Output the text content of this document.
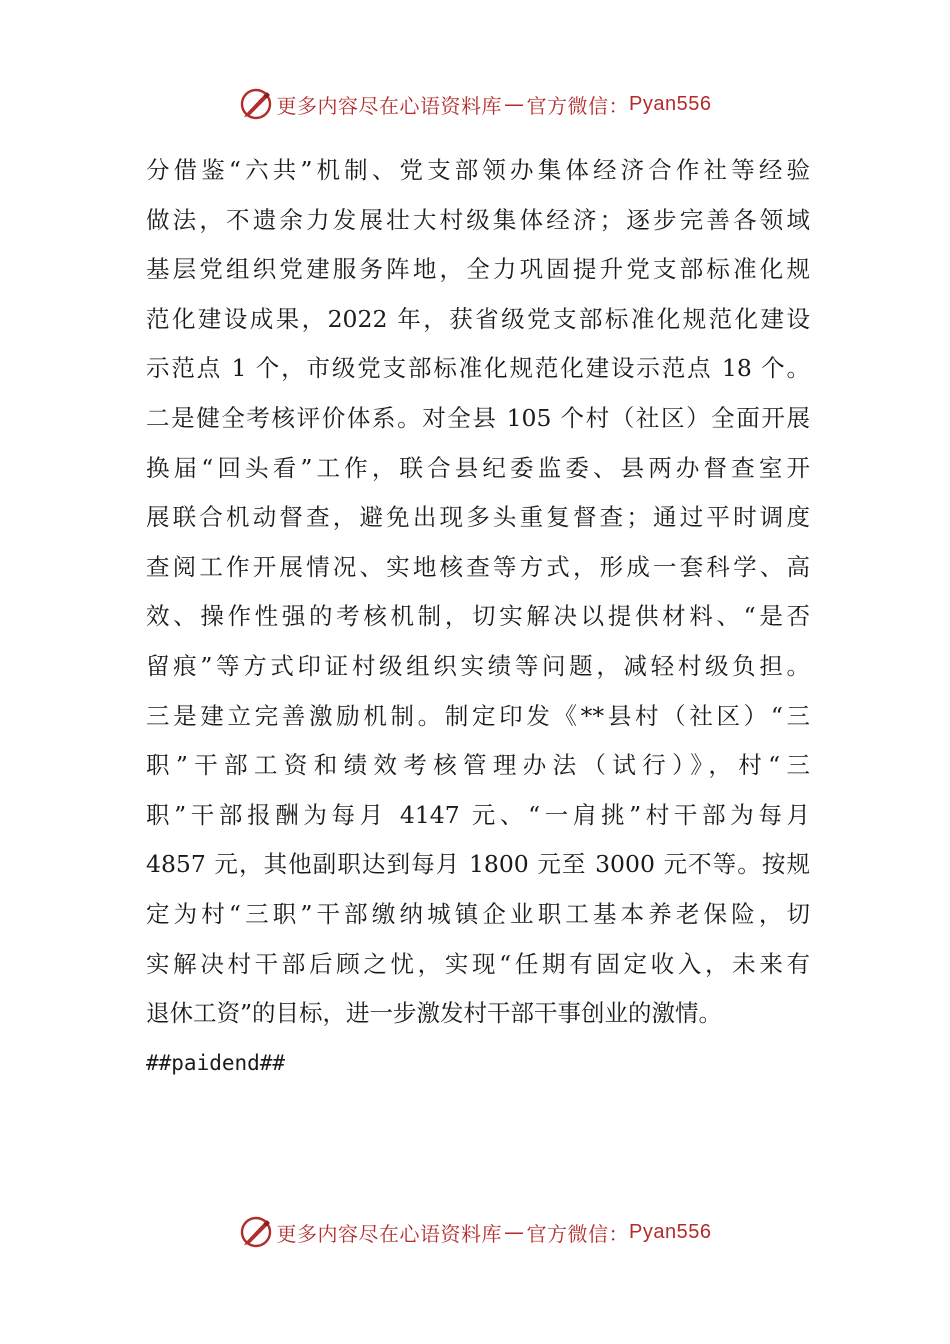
更多内容尽在心语资料库 — 官方微信： Pyan556
分借鉴“六共”机制、党支部领办集体经济合作社等经验
做法，不遗余力发展壮大村级集体经济；逐步完善各领域
基层党组织党建服务阵地，全力巩固提升党支部标准化规
范化建设成果，2022 年，获省级党支部标准化规范化建设
示范点 1 个，市级党支部标准化规范化建设示范点 18 个。
二是健全考核评价体系。对全县 105 个村（社区）全面开展
换届“回头看”工作，联合县纪委监委、县两办督查室开
展联合机动督查，避免出现多头重复督查；通过平时调度
查阅工作开展情况、实地核查等方式，形成一套科学、高
效、操作性强的考核机制，切实解决以提供材料、“是否
留痕”等方式印证村级组织实绩等问题，减轻村级负担。
三是建立完善激励机制。制定印发《**县村（社区）“三
职”干部工资和绩效考核管理办法（试行）》，村“三
职”干部报酬为每月 4147 元、“一肩挑”村干部为每月
4857 元，其他副职达到每月 1800 元至 3000 元不等。按规
定为村“三职”干部缴纳城镇企业职工基本养老保险，切
实解决村干部后顾之忧，实现“任期有固定收入，未来有
退休工资”的目标，进一步激发村干部干事创业的激情。
##paidend##
更多内容尽在心语资料库 — 官方微信： Pyan556
